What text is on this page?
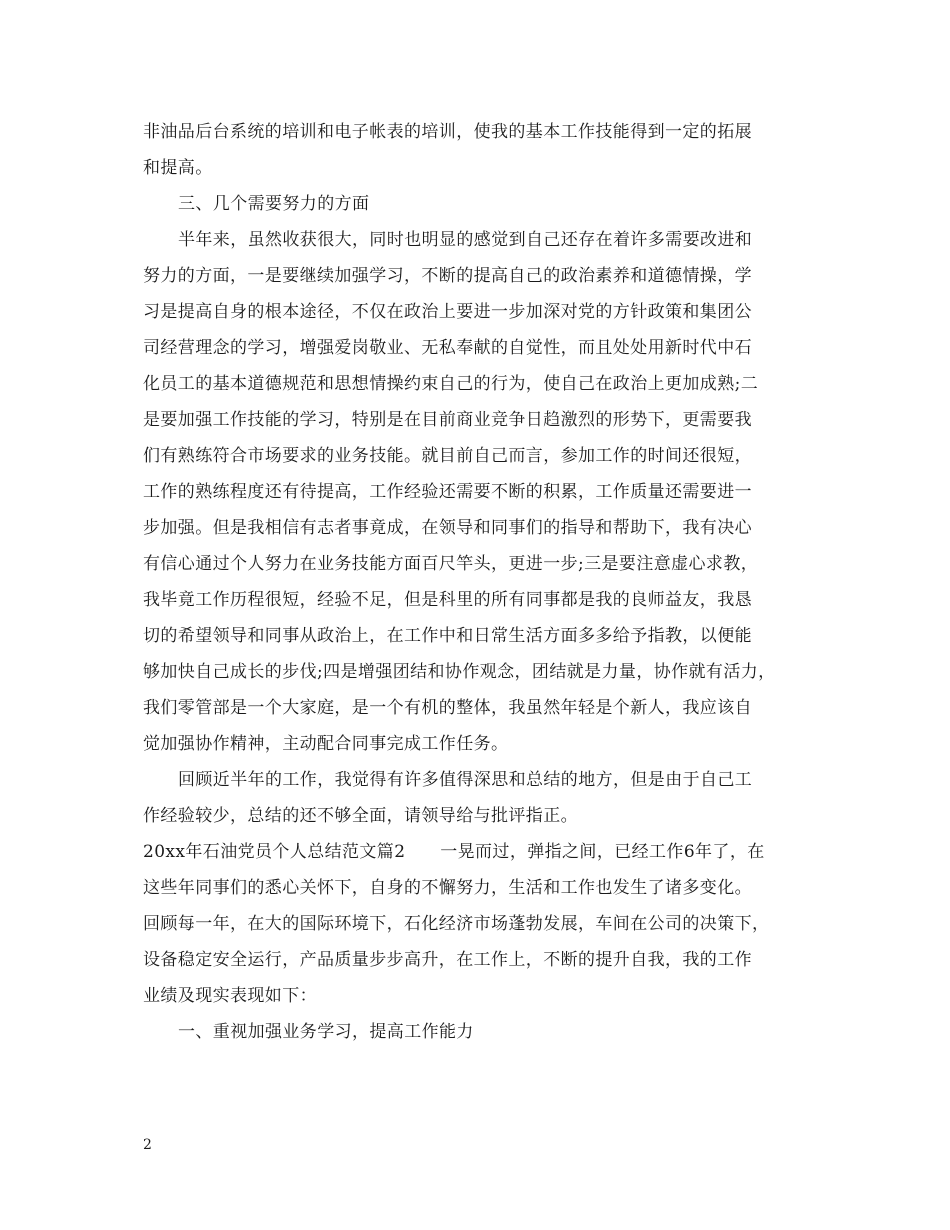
非油品后台系统的培训和电子帐表的培训，使我的基本工作技能得到一定的拓展
和提高。
三、几个需要努力的方面
半年来，虽然收获很大，同时也明显的感觉到自己还存在着许多需要改进和
努力的方面，一是要继续加强学习，不断的提高自己的政治素养和道德情操，学
习是提高自身的根本途径，不仅在政治上要进一步加深对党的方针政策和集团公
司经营理念的学习，增强爱岗敬业、无私奉献的自觉性，而且处处用新时代中石
化员工的基本道德规范和思想情操约束自己的行为，使自己在政治上更加成熟;二
是要加强工作技能的学习，特别是在目前商业竞争日趋激烈的形势下，更需要我
们有熟练符合市场要求的业务技能。就目前自己而言，参加工作的时间还很短，
工作的熟练程度还有待提高，工作经验还需要不断的积累，工作质量还需要进一
步加强。但是我相信有志者事竟成，在领导和同事们的指导和帮助下，我有决心
有信心通过个人努力在业务技能方面百尺竿头，更进一步;三是要注意虚心求教，
我毕竟工作历程很短，经验不足，但是科里的所有同事都是我的良师益友，我恳
切的希望领导和同事从政治上，在工作中和日常生活方面多多给予指教，以便能
够加快自己成长的步伐;四是增强团结和协作观念，团结就是力量，协作就有活力，
我们零管部是一个大家庭，是一个有机的整体，我虽然年轻是个新人，我应该自
觉加强协作精神，主动配合同事完成工作任务。
回顾近半年的工作，我觉得有许多值得深思和总结的地方，但是由于自己工
作经验较少，总结的还不够全面，请领导给与批评指正。
20xx年石油党员个人总结范文篇2　　一晃而过，弹指之间，已经工作6年了，在
这些年同事们的悉心关怀下，自身的不懈努力，生活和工作也发生了诸多变化。
回顾每一年，在大的国际环境下，石化经济市场蓬勃发展，车间在公司的决策下，
设备稳定安全运行，产品质量步步高升，在工作上，不断的提升自我，我的工作
业绩及现实表现如下：
一、重视加强业务学习，提高工作能力
2
